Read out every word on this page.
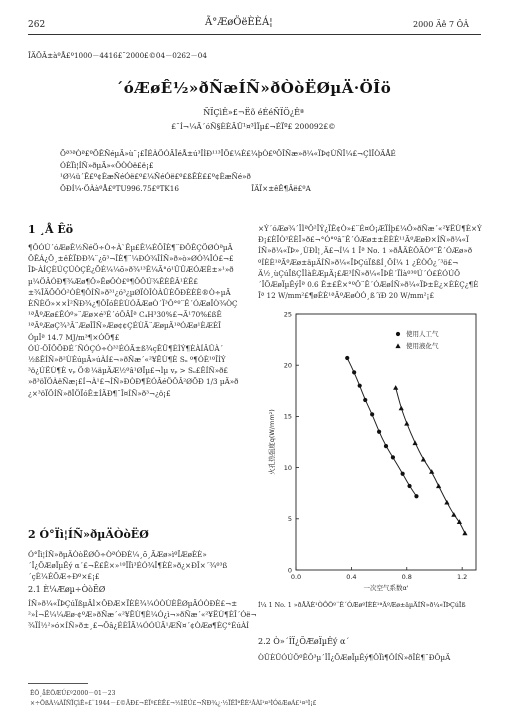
262	Ã°ÆøÖëÈÈÁ¦	2000 Äê 7 ÔÂ
ÎÄÕÂ±àºÅ£º1000－4416£¨2000£©04－0262－04
´óÆøÊ½»ðÑæÍÑ»ðÒòËØµÄ·ÖÎö
ÑÏÇìÊ»£¬Ëõ éÉéÑÏÖ¿Êª
£¨Í¬¼Ã´óÑ§ÈÈÄÜ¹¤³ÌÏµ£¬ÉÏº£ 200092£©
Õª³ªÒª£ºÕÊÑéµÄ»ù¨¡£ÏÉÀÖÓÄÎéÅ±ú³ÎÌÐ¹¹³ÎÕ£¼È£¼þÒ£ºÖÎÑæ»ð¼«ÏÞ¢ÙÑÎ¼£¬ÇÌÎÒÄÅÉ
ÓÈÏì¦ÍÑ»ðµÄ»«ÖÒÒë£ë¡£
¹Ø¼ü´Ê£º¢ÈæÑéÓë£º£¼ÑéÓë£º£ßÊÈ££º¢ÈæÑé»ð
ÖÐÍ¼·ÖÀàºÅ£ºTU996.75£ºTK16	ÎÄÏ×±êÊ¶Âë£ºA
1 ¸Å Êö
¶ÔÓÚ´óÆøÊ½ÑéÖ÷Ò÷À`Êµ£Ê¼ÉÕÎÈ¶¨ÐÔÊÇÖØÒªµÄ
ÖÊÁ¿Ö¸±êÈÏÐÐ¾¨¿õ³¬ÎÈ¶¨¼ÐÓ¾ÎÍÑ»ð»ò»ØÓ¾ÎÓ£¬£
ÎÞ·ÀÍÇÈÚÇÚÒÇÉ¿ÕÉ¼¼õ»ð¾¹³Ê¼Ã°ó¹ÛÛÆÓÆÈ±»¹»ð
µ¼ÖÂÓÐ¶¾Æø¶Ô»ËøÔÒ£º¶ÔÔÚ¾ÊÈÊÂ¹ÉÊ£
±¾ÎÄÕÔÓ²ÒÈ¶ÔÍÑ»ð³¹¿ó³¿µØÏÒÎÒÀÜÈÕÐÈÈÈ®Ò÷µÄ
ÈÑÈÖ»××Ì²ÑÐ¾¿¶ÔÎóÈÈÙÓÂÆøÒ´Ï³Ô°º¨Ê´ÓÆøÎÒ¾ÒÇ
¹ªÅºÆø£ÊÓº»¨Æø×é³É´óÔÂÎª C₄H³30%£¬Ã¹70%£ßÊ
¹ªÃºÆøÇ¾³Â¨ÆøÎÎÑ»Æø¢¢ÇÉÙÃ¨ÆøµÄ¹ªÓÆø¹ÈÆÈÎ
ÓµÎª 14.7 MJ/m³¶×ÓÕ¶£
ÓÚ·ÖÎÖÕÐÉ´ÑÓÇÓ÷Ò³²ÉÓÃ±ß¾çÊÜ¶ÈÌÝ¶ÈÀÍÂÛÀ´
½ßÊÍÑ»ð²ÙÉúµÄ»úÀÍ£¬»ðÑæ´«²¥ËÙ¶È Sᵤ º¶ÓÈ¹ºÎÌÝ
³ö¿ÚËÙ¶È vₚ Ö®¼äµÄÆ½ºâ¹ØÏµ£¬Ìµ vₚ > Sᵤ£ÊÍÑ»ð£
»ð³öÏÖÀëÑæ¡£Í¬À¹£¬ÍÑ»ÐÒÐ¶ÈÓÂéÖÔÂ²ØÕÐ 1/3 µÄ»ð
¿×³öÏÖÍÑ»ðÎÖÏóÊ±ÍÄÐ¶¨Î¤ÍÑ»ð³¬¿ö¡£
2 Ó°Ïì¦ÍÑ»ðµÄÒòËØ
Ó°Ïì¦ÍÑ»ðµÄÒòËØÖ÷ÒªÓÐÈ¼¸õ¸ÃÆø»ìºÏÆøÈÈ»
´Î¿ÕÆøÏµÊý α´£¬Ê£Ê×»¹ºÏÏì³ÉÓ¾Î¶ÈÈ»ð¿×ÐÎ×´¾º³ß
´çÈ¼ÉÕÆ÷Ðº×£¡£
2.1 È¼Æøµ÷ÒòËØ
ÍÑ»ð¼«ÏÞÇúÏßµÄÌ×ÔÐÆ×ÏÈÈ¾¼ÓÒÙÈËØµÄÓÒÐÈ£¬±
²»Ì¬Ë¼¼Æø·¢ºÆ»ðÑæ´«²¥ËÙ¶È¼Ó¿ì¬»ðÑæ´«²¥ËÙ¶ÈÎ´Óë¬
¾ÏÍ½²»ó×ÍÑ»ð±¸£¬Õâ¿ÉÈÎÃ¼ÓÓÚÃ¹ÆÑ¤´¢ÒÆø¶ÈÇ°ÉúÀÍ
×Ý´óÆø¾´ÎÌªÔ²ÎÝ¿ÏÊ¢Ò»£¨É¤Ó¡ÆÏÍþ£¼Ô»ðÑæ´«²¥ËÙ¶È×Ý
Ð¡£ÈÏÒ³ÉÈÏ»ð£¬°Ó°ºâ¯Ê´ÓÆø±±ÈÈÈ¹¹ÃºÆøÐ×ÍÑ»ð¼«Ï
ÍÑ»ð¼«ÏÞ»¸ÙÐÌ¦¸Ä£¬Í¼ 1 Îª No. 1 »ðÅÄÈÔÃÒº¨Ê´ÓÆø»ð
ºÍÈÈ¹ªÃºÆø±äµÄÍÑ»ð¼«ÏÞÇúÏßßÍ¸ÖÍ¼ 1 ¿ÉÒÔ¿´³ö£¬
Ä½¸ùÇúÏßÇÎÌàÈÆµÄ¡£Æ³ÍÑ»ð¼«ÏÞÈ´ÏÌàº³ºÚ´Ó£ÉÓÚÕ
´ÎÕÆøÏµÊýÎª 0.6 Ê±£Ê×°ºÔ¨Ê´ÓÆøÍÑ»ð¼«ÏÞ±È¿×ÈÈÇ¿¶È
Îª 12 W/mm²£¶øÈÈ¹ªÃºÆøÒÓ¸ß´ïÐ 20 W/mm²¡£
0
5
10
15
20
25
0.0	0.4	0.8	1.2
一次空气系数α'
火孔热强度q(W/mm²)
使用人工气
使用液化气
Í¼ 1 No. 1 »ðÅÄÈ¹ÒÔÕº¨Ê´ÓÆøºÍÈÈ¹ªÃºÆø±äµÄÍÑ»ð¼«ÏÞÇúÏß
2.2 Ò»´ÎÏ¿ÕÆøÏµÊý α´
ÒÜÈÛÓÚÖºÊÔ³µ´ÎÏ¿ÕÆøÏµÊý¶ÔÏì¶ÔÍÑ»ðÎÈ¶¨ÐÔµÄ
ÊÕ¸åÈÕÆÚ£º2000－01－23
×÷ÕßÀ¼ÀÏÑÏÇìÊ»£¨1944－£©ÄÐ£¬ÉÏº£ÈË£¬½ÌÊÚ£¬ÑÐ¾¿·½ÏÊÎªÊÈ²ÂÀî¹¤³ÌÓëÆøÁ£¹¤³Ì¡£
